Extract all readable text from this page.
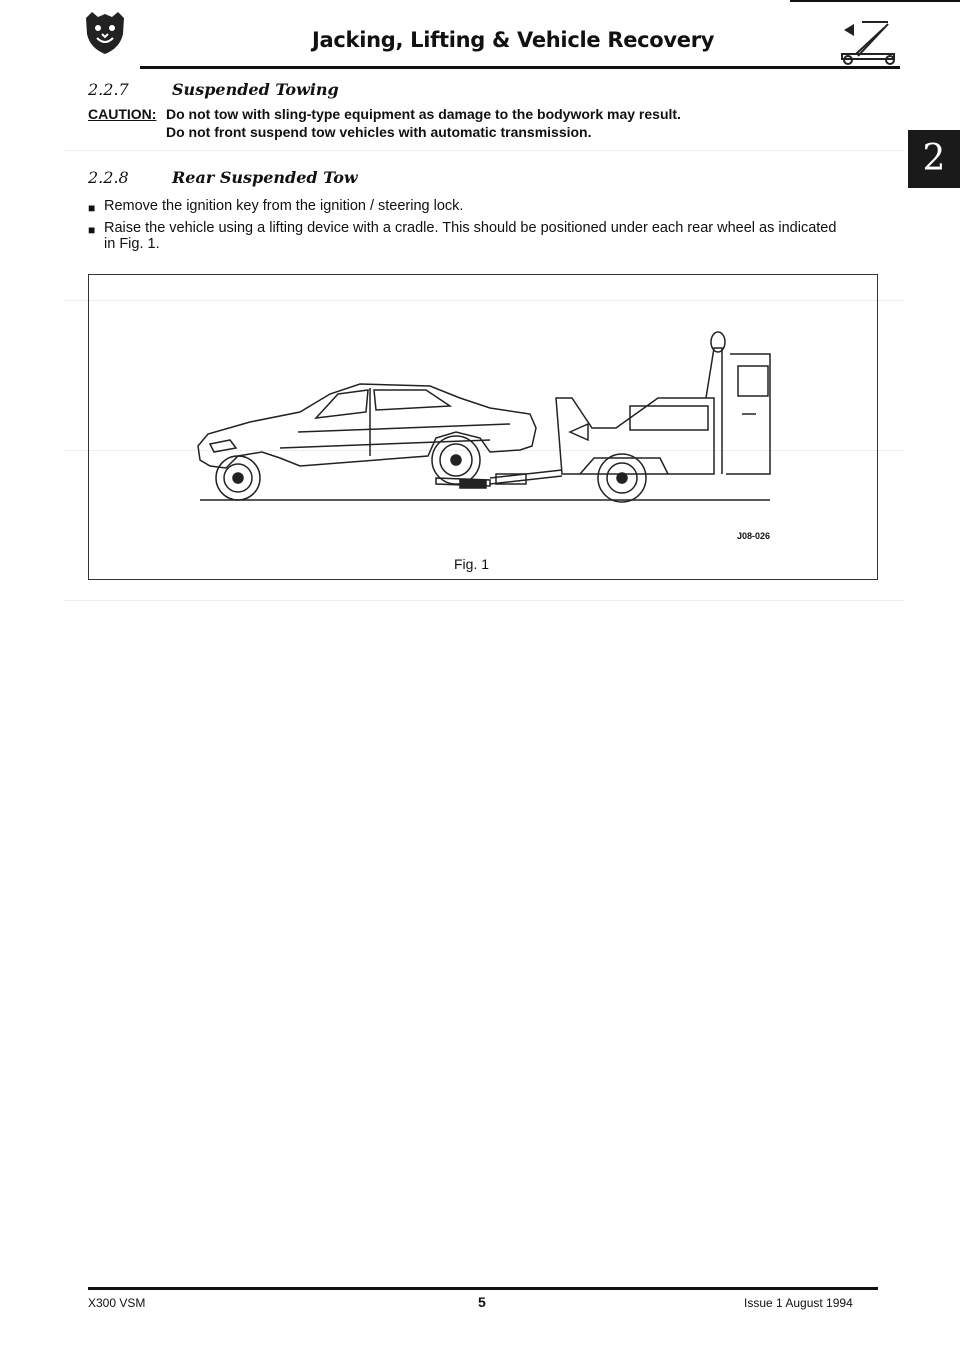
Jacking, Lifting & Vehicle Recovery
2
2.2.7	Suspended Towing
CAUTION: Do not tow with sling-type equipment as damage to the bodywork may result.
Do not front suspend tow vehicles with automatic transmission.
2.2.8	Rear Suspended Tow
■ Remove the ignition key from the ignition / steering lock.
■ Raise the vehicle using a lifting device with a cradle. This should be positioned under each rear wheel as indicated
in Fig. 1.
J08-026
Fig. 1
X300 VSM	5	Issue 1 August 1994
